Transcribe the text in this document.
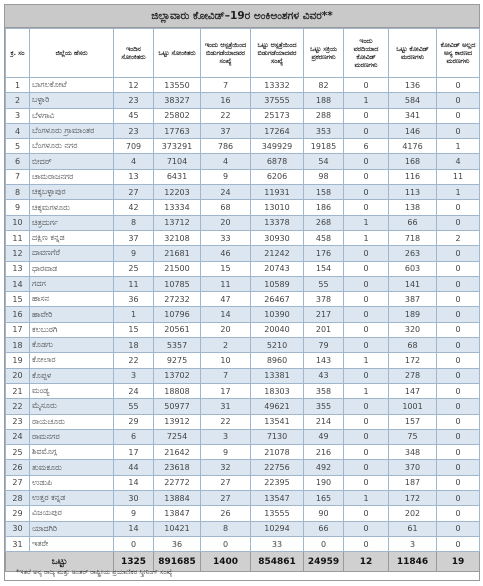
ಜಿಲ್ಲಾವಾರು ಕೋವಿಡ್–19ರ ಅಂಕಿಅಂಶಗಳ ವಿವರ**
ಕ್ರ. ಸಂ	ಜಿಲ್ಲೆಯ ಹೆಸರು	ಇಂದಿನ ಸೋಂಕಿತರು	ಒಟ್ಟು ಸೋಂಕಿತರು	ಇಂದು ಆಸ್ಪತ್ರೆಯಿಂದ ಬಿಡುಗಡೆಯಾದವರ ಸಂಖ್ಯೆ	ಒಟ್ಟು ಆಸ್ಪತ್ರೆಯಿಂದ ಬಿಡುಗಡೆಯಾದವರ ಸಂಖ್ಯೆ	ಒಟ್ಟು ಸಕ್ರಿಯ ಪ್ರಕರಣಗಳು	ಇಂದು ವರದಿಯಾದ ಕೋವಿಡ್ ಮರಣಗಳು	ಒಟ್ಟು ಕೋವಿಡ್ ಮರಣಗಳು	ಕೋವಿಡ್ ಅಲ್ಲದ ಅನ್ಯ ಕಾರಣದ ಮರಣಗಳು
1	ಬಾಗಲಕೋಟೆ	12	13550	7	13332	82	0	136	0
2	ಬಳ್ಳಾರಿ	23	38327	16	37555	188	1	584	0
3	ಬೆಳಗಾವಿ	45	25802	22	25173	288	0	341	0
4	ಬೆಂಗಳೂರು ಗ್ರಾಮಾಂತರ	23	17763	37	17264	353	0	146	0
5	ಬೆಂಗಳೂರು ನಗರ	709	373291	786	349929	19185	6	4176	1
6	ಬೀದರ್	4	7104	4	6878	54	0	168	4
7	ಚಾಮರಾಜನಗರ	13	6431	9	6206	98	0	116	11
8	ಚಿಕ್ಕಬಳ್ಳಾಪುರ	27	12203	24	11931	158	0	113	1
9	ಚಿಕ್ಕಮಗಳೂರು	42	13334	68	13010	186	0	138	0
10	ಚಿತ್ರದುರ್ಗ	8	13712	20	13378	268	1	66	0
11	ದಕ್ಷಿಣ ಕನ್ನಡ	37	32108	33	30930	458	1	718	2
12	ದಾವಣಗೆರೆ	9	21681	46	21242	176	0	263	0
13	ಧಾರವಾಡ	25	21500	15	20743	154	0	603	0
14	ಗದಗ	11	10785	11	10589	55	0	141	0
15	ಹಾಸನ	36	27232	47	26467	378	0	387	0
16	ಹಾವೇರಿ	1	10796	14	10390	217	0	189	0
17	ಕಲಬುರಗಿ	15	20561	20	20040	201	0	320	0
18	ಕೊಡಗು	18	5357	2	5210	79	0	68	0
19	ಕೋಲಾರ	22	9275	10	8960	143	1	172	0
20	ಕೊಪ್ಪಳ	3	13702	7	13381	43	0	278	0
21	ಮಂಡ್ಯ	24	18808	17	18303	358	1	147	0
22	ಮೈಸೂರು	55	50977	31	49621	355	0	1001	0
23	ರಾಯಚೂರು	29	13912	22	13541	214	0	157	0
24	ರಾಮನಗರ	6	7254	3	7130	49	0	75	0
25	ಶಿವಮೊಗ್ಗ	17	21642	9	21078	216	0	348	0
26	ತುಮಕೂರು	44	23618	32	22756	492	0	370	0
27	ಉಡುಪಿ	14	22772	27	22395	190	0	187	0
28	ಉತ್ತರ ಕನ್ನಡ	30	13884	27	13547	165	1	172	0
29	ವಿಜಯಪುರ	9	13847	26	13555	90	0	202	0
30	ಯಾದಗಿರಿ	14	10421	8	10294	66	0	61	0
31	ಇತರೇ	0	36	0	33	0	0	3	0
ಒಟ್ಟು		1325	891685	1400	854861	24959	12	11846	19
*ಇತರೆ ಅನ್ಯ ರಾಜ್ಯ ಮತ್ತು ಅಂತರ್ ರಾಷ್ಟ್ರೀಯ ಪ್ರಯಾಣಿಕರ ಸ್ಕ್ರೀನಿಂಗ್ ಸಂಖ್ಯೆ
